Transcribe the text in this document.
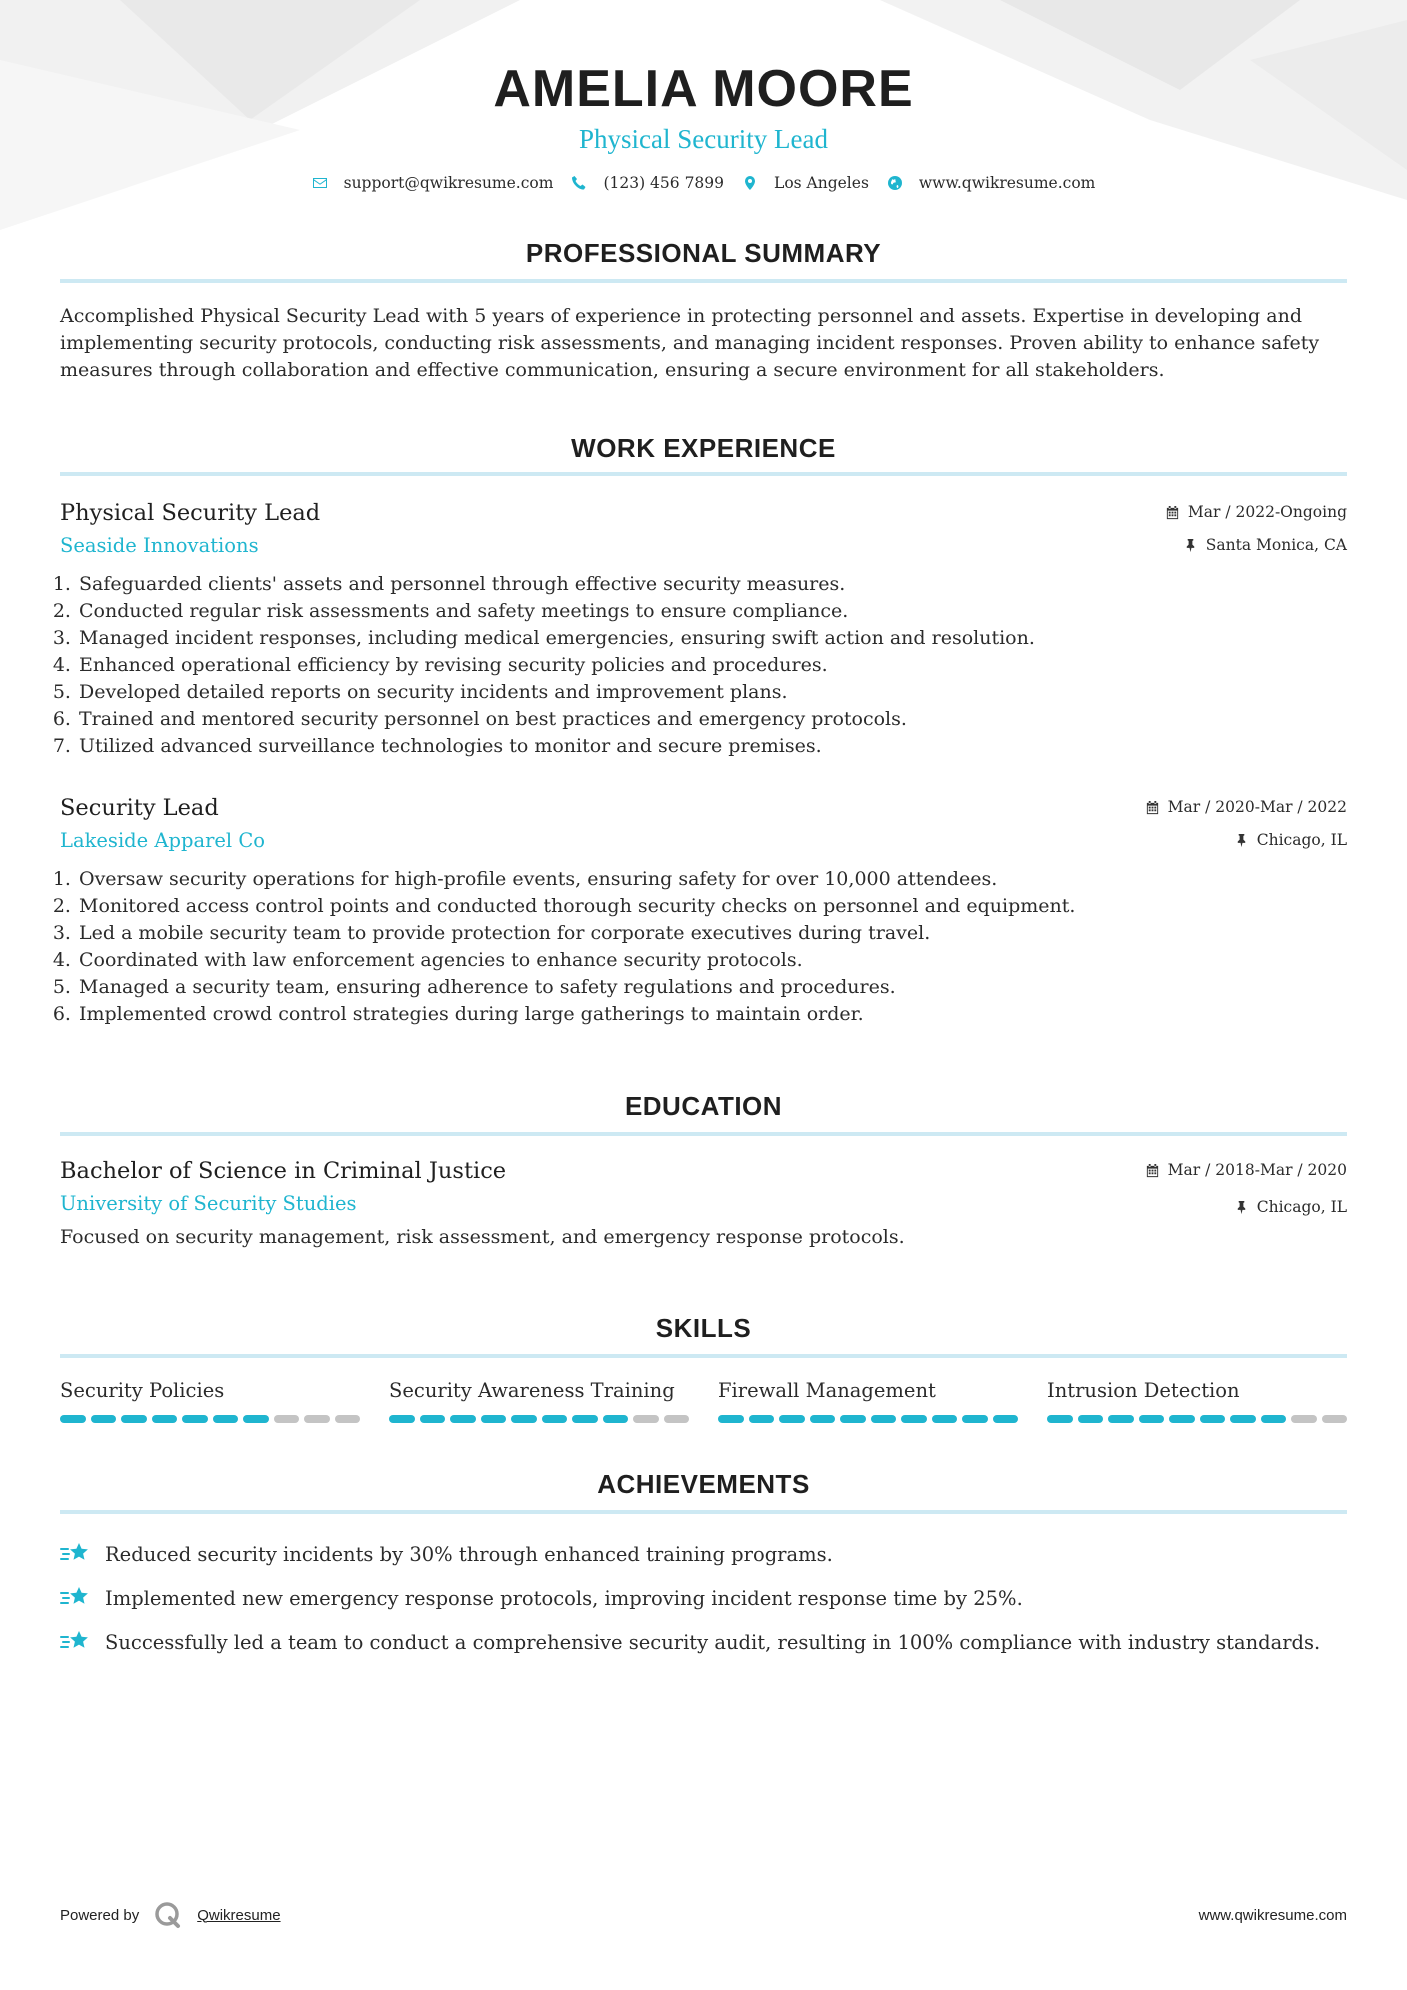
AMELIA MOORE
Physical Security Lead
support@qwikresume.com	(123) 456 7899	Los Angeles	www.qwikresume.com
PROFESSIONAL SUMMARY
Accomplished Physical Security Lead with 5 years of experience in protecting personnel and assets. Expertise in developing and implementing security protocols, conducting risk assessments, and managing incident responses. Proven ability to enhance safety measures through collaboration and effective communication, ensuring a secure environment for all stakeholders.
WORK EXPERIENCE
Physical Security Lead
Seaside Innovations
Mar / 2022-Ongoing
Santa Monica, CA
1. Safeguarded clients' assets and personnel through effective security measures.
2. Conducted regular risk assessments and safety meetings to ensure compliance.
3. Managed incident responses, including medical emergencies, ensuring swift action and resolution.
4. Enhanced operational efficiency by revising security policies and procedures.
5. Developed detailed reports on security incidents and improvement plans.
6. Trained and mentored security personnel on best practices and emergency protocols.
7. Utilized advanced surveillance technologies to monitor and secure premises.
Security Lead
Lakeside Apparel Co
Mar / 2020-Mar / 2022
Chicago, IL
1. Oversaw security operations for high-profile events, ensuring safety for over 10,000 attendees.
2. Monitored access control points and conducted thorough security checks on personnel and equipment.
3. Led a mobile security team to provide protection for corporate executives during travel.
4. Coordinated with law enforcement agencies to enhance security protocols.
5. Managed a security team, ensuring adherence to safety regulations and procedures.
6. Implemented crowd control strategies during large gatherings to maintain order.
EDUCATION
Bachelor of Science in Criminal Justice
University of Security Studies
Mar / 2018-Mar / 2020
Chicago, IL
Focused on security management, risk assessment, and emergency response protocols.
SKILLS
Security Policies	Security Awareness Training	Firewall Management	Intrusion Detection
ACHIEVEMENTS
Reduced security incidents by 30% through enhanced training programs.
Implemented new emergency response protocols, improving incident response time by 25%.
Successfully led a team to conduct a comprehensive security audit, resulting in 100% compliance with industry standards.
Powered by	Qwikresume	www.qwikresume.com
